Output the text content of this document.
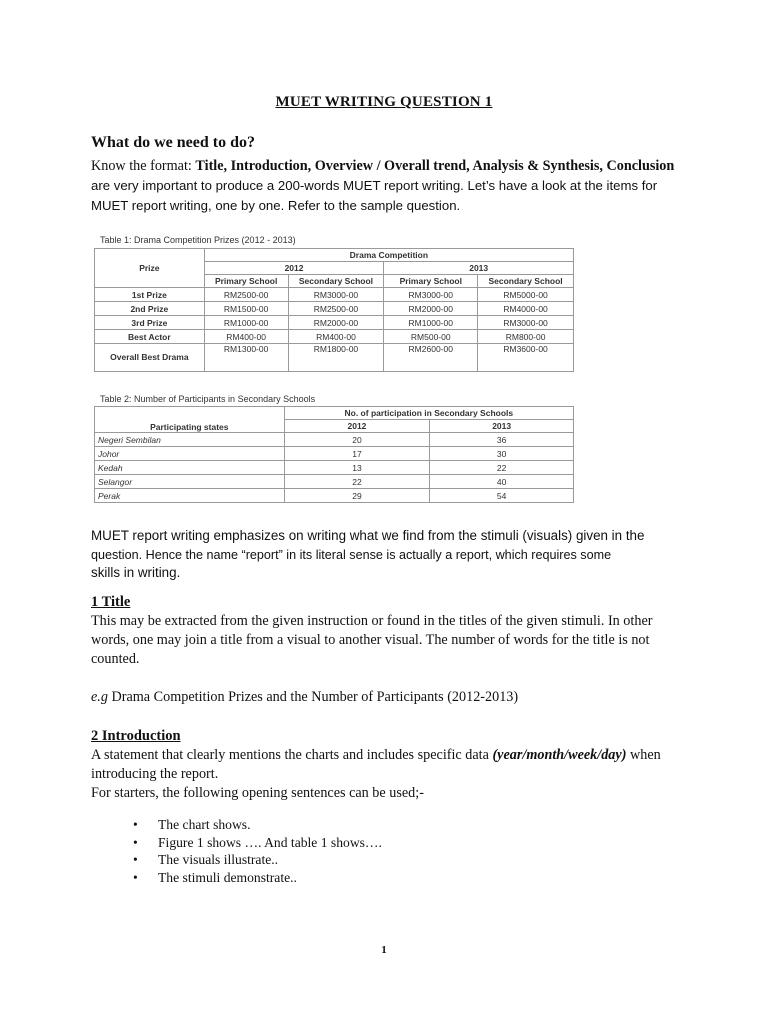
MUET WRITING QUESTION 1
What do we need to do?
Know the format: Title, Introduction, Overview / Overall trend, Analysis & Synthesis, Conclusion are very important to produce a 200-words MUET report writing. Let’s have a look at the items for MUET report writing, one by one. Refer to the sample question.
Table 1: Drama Competition Prizes (2012 - 2013)
Prize	Drama Competition			
	2012		2013	
	Primary School	Secondary School	Primary School	Secondary School
1st Prize	RM2500-00	RM3000-00	RM3000-00	RM5000-00
2nd Prize	RM1500-00	RM2500-00	RM2000-00	RM4000-00
3rd Prize	RM1000-00	RM2000-00	RM1000-00	RM3000-00
Best Actor	RM400-00	RM400-00	RM500-00	RM800-00
Overall Best Drama	RM1300-00	RM1800-00	RM2600-00	RM3600-00
Table 2: Number of Participants in Secondary Schools
Participating states	No. of participation in Secondary Schools	
	2012	2013
Negeri Sembilan	20	36
Johor	17	30
Kedah	13	22
Selangor	22	40
Perak	29	54
MUET report writing emphasizes on writing what we find from the stimuli (visuals) given in the
question. Hence the name “report” in its literal sense is actually a report, which requires some
skills in writing.
1 Title
This may be extracted from the given instruction or found in the titles of the given stimuli. In other words, one may join a title from a visual to another visual. The number of words for the title is not counted.
e.g Drama Competition Prizes and the Number of Participants (2012-2013)
2 Introduction
A statement that clearly mentions the charts and includes specific data (year/month/week/day) when introducing the report.
For starters, the following opening sentences can be used;-
• The chart shows.
• Figure 1 shows …. And table 1 shows….
• The visuals illustrate..
• The stimuli demonstrate..
1
